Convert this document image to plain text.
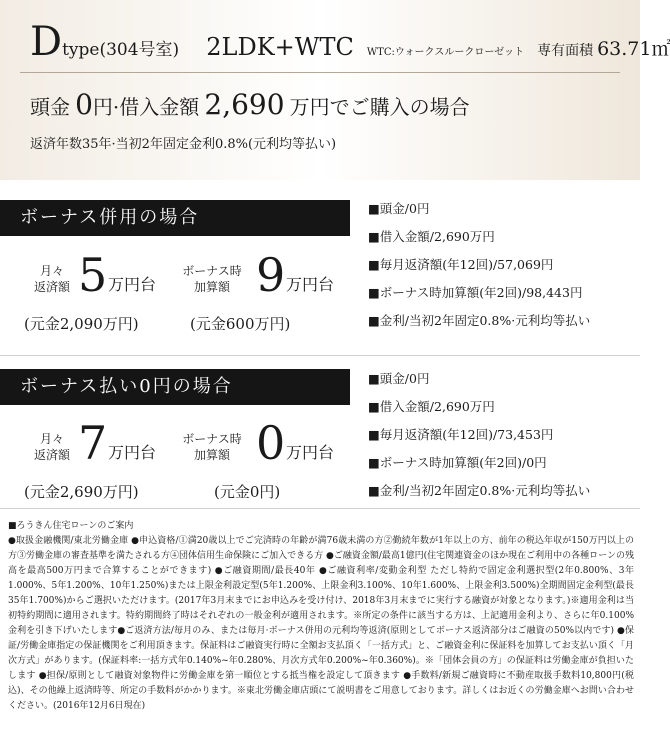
Dtype(304号室) 2LDK+WTC WTC:ウォークスルークローゼット 専有面積 63.71㎡
頭金 0円·借入金額 2,690 万円でご購入の場合
返済年数35年·当初2年固定金利0.8%(元利均等払い)
ボーナス併用の場合
月々
返済額 5 万円台
ボーナス時
加算額 9 万円台
(元金2,090万円)	(元金600万円)
■頭金/0円
■借入金額/2,690万円
■毎月返済額(年12回)/57,069円
■ボーナス時加算額(年2回)/98,443円
■金利/当初2年固定0.8%·元利均等払い
ボーナス払い0円の場合
月々
返済額 7 万円台
ボーナス時
加算額 0 万円台
(元金2,690万円)	(元金0円)
■頭金/0円
■借入金額/2,690万円
■毎月返済額(年12回)/73,453円
■ボーナス時加算額(年2回)/0円
■金利/当初2年固定0.8%·元利均等払い

■ろうきん住宅ローンのご案内

●取扱金融機関/東北労働金庫 ●申込資格/①満20歳以上でご完済時の年齢が満76歳未満の方②勤続年数が1年以上の方、前年の税込年収が150万円以上の方③労働金庫の審査基準を満たされる方④団体信用生命保険にご加入できる方 ●ご融資金額/最高1億円(住宅関連資金のほか現在ご利用中の各種ローンの残高を最高500万円まで合算することができます) ●ご融資期間/最長40年 ●ご融資利率/変動金利型 ただし特約で固定金利選択型(2年0.800%、3年1.000%、5年1.200%、10年1.250%)または上限金利設定型(5年1.200%、上限金利3.100%、10年1.600%、上限金利3.500%)全期間固定金利型(最長35年1.700%)からご選択いただけます。(2017年3月末までにお申込みを受け付け、2018年3月末までに実行する融資が対象となります。)※適用金利は当初特約期間に適用されます。特約期間終了時はそれぞれの一般金利が適用されます。※所定の条件に該当する方は、上記適用金利より、さらに年0.100%金利を引き下げいたします●ご返済方法/毎月のみ、または毎月·ボーナス併用の元利均等返済(原則としてボーナス返済部分はご融資の50%以内です) ●保証/労働金庫指定の保証機関をご利用頂きます。保証料はご融資実行時に全額お支払頂く「一括方式」と、ご融資金利に保証料を加算してお支払い頂く「月次方式」があります。(保証料率:一括方式年0.140%~年0.280%、月次方式年0.200%~年0.360%)。※「団体会員の方」の保証料は労働金庫が負担いたします ●担保/原則として融資対象物件に労働金庫を第一順位とする抵当権を設定して頂きます ●手数料/新規ご融資時に不動産取扱手数料10,800円(税込)、その他繰上返済時等、所定の手数料がかかります。※東北労働金庫店頭にて説明書をご用意しております。詳しくはお近くの労働金庫へお問い合わせください。(2016年12月6日現在)
